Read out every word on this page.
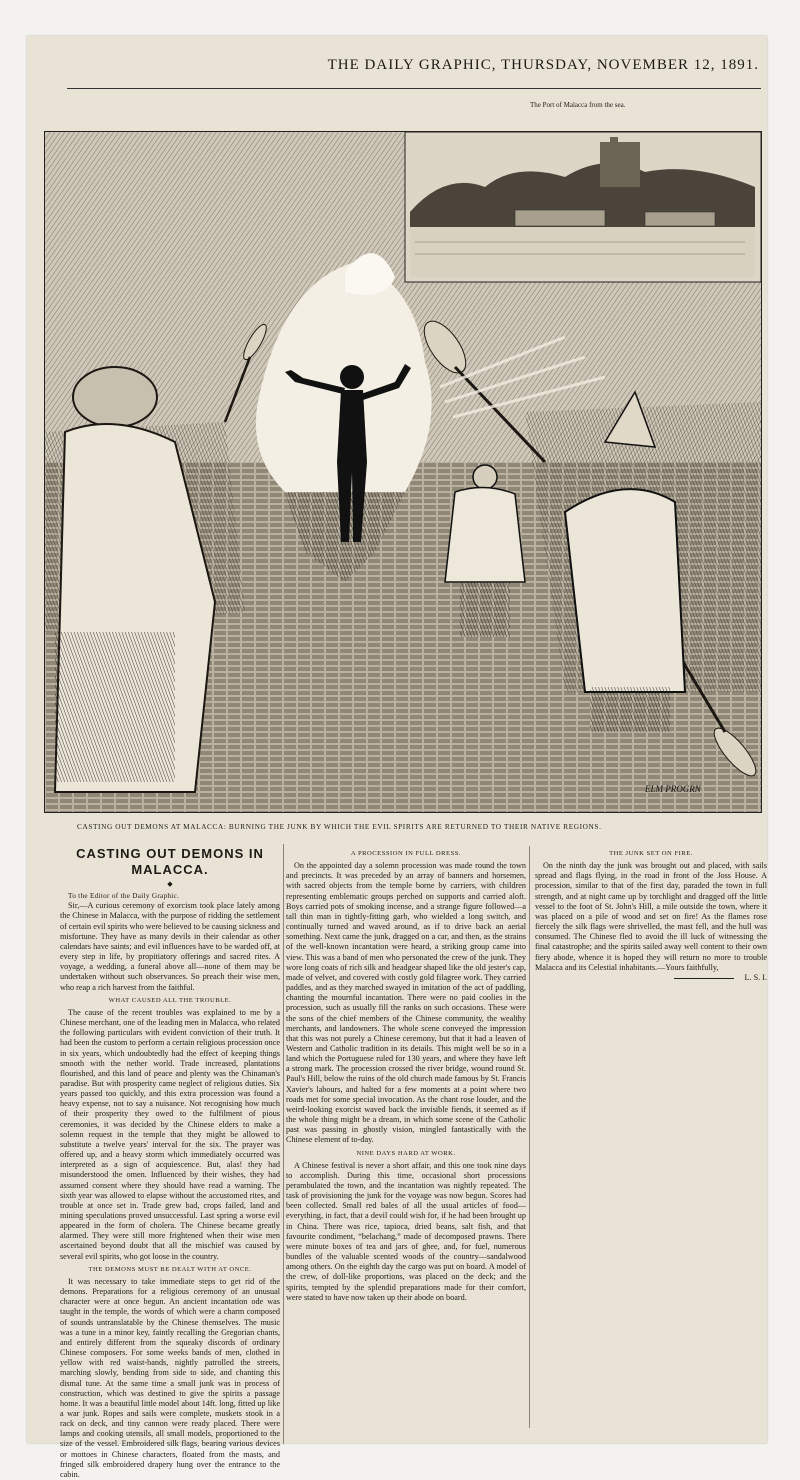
THE DAILY GRAPHIC, THURSDAY, NOVEMBER 12, 1891.
The Port of Malacca from the sea.
ELM PROGRN
CASTING OUT DEMONS AT MALACCA: BURNING THE JUNK BY WHICH THE EVIL SPIRITS ARE RETURNED TO THEIR NATIVE REGIONS.
CASTING OUT DEMONS IN MALACCA.
◆

To the Editor of the Daily Graphic.

Sir,—A curious ceremony of exorcism took place lately among the Chinese in Malacca, with the purpose of ridding the settlement of certain evil spirits who were believed to be causing sickness and misfortune. They have as many devils in their calendar as other calendars have saints; and evil influences have to be warded off, at every step in life, by propitiatory offerings and sacred rites. A voyage, a wedding, a funeral above all—none of them may be undertaken without such observances. So preach their wise men, who reap a rich harvest from the faithful.

WHAT CAUSED ALL THE TROUBLE.

The cause of the recent troubles was explained to me by a Chinese merchant, one of the leading men in Malacca, who related the following particulars with evident conviction of their truth. It had been the custom to perform a certain religious procession once in six years, which undoubtedly had the effect of keeping things smooth with the nether world. Trade increased, plantations flourished, and this land of peace and plenty was the Chinaman's paradise. But with prosperity came neglect of religious duties. Six years passed too quickly, and this extra procession was found a heavy expense, not to say a nuisance. Not recognising how much of their prosperity they owed to the fulfilment of pious ceremonies, it was decided by the Chinese elders to make a solemn request in the temple that they might be allowed to substitute a twelve years' interval for the six. The prayer was offered up, and a heavy storm which immediately occurred was interpreted as a sign of acquiescence. But, alas! they had misunderstood the omen. Influenced by their wishes, they had assumed consent where they should have read a warning. The sixth year was allowed to elapse without the accustomed rites, and trouble at once set in. Trade grew bad, crops failed, land and mining speculations proved unsuccessful. Last spring a worse evil appeared in the form of cholera. The Chinese became greatly alarmed. They were still more frightened when their wise men ascertained beyond doubt that all the mischief was caused by several evil spirits, who got loose in the country.

THE DEMONS MUST BE DEALT WITH AT ONCE.

It was necessary to take immediate steps to get rid of the demons. Preparations for a religious ceremony of an unusual character were at once begun. An ancient incantation ode was taught in the temple, the words of which were a charm composed of sounds untranslatable by the Chinese themselves. The music was a tune in a minor key, faintly recalling the Gregorian chants, and entirely different from the squeaky discords of ordinary Chinese composers. For some weeks bands of men, clothed in yellow with red waist-bands, nightly patrolled the streets, marching slowly, bending from side to side, and chanting this dismal tune. At the same time a small junk was in process of construction, which was destined to give the spirits a passage home. It was a beautiful little model about 14ft. long, fitted up like a war junk. Ropes and sails were complete, muskets stook in a rack on deck, and tiny cannon were ready placed. There were lamps and cooking utensils, all small models, proportioned to the size of the vessel. Embroidered silk flags, bearing various devices or mottoes in Chinese characters, floated from the masts, and fringed silk embroidered drapery hung over the entrance to the cabin.

A PROCESSION IN FULL DRESS.

On the appointed day a solemn procession was made round the town and precincts. It was preceded by an array of banners and horsemen, with sacred objects from the temple borne by carriers, with children representing emblematic groups perched on supports and carried aloft. Boys carried pots of smoking incense, and a strange figure followed—a tall thin man in tightly-fitting garb, who wielded a long switch, and continually turned and waved around, as if to drive back an aerial something. Next came the junk, dragged on a car, and then, as the strains of the well-known incantation were heard, a striking group came into view. This was a band of men who personated the crew of the junk. They wore long coats of rich silk and headgear shaped like the old jester's cap, made of velvet, and covered with costly gold filagree work. They carried paddles, and as they marched swayed in imitation of the act of paddling, chanting the mournful incantation. There were no paid coolies in the procession, such as usually fill the ranks on such occasions. These were the sons of the chief members of the Chinese community, the wealthy merchants, and landowners. The whole scene conveyed the impression that this was not purely a Chinese ceremony, but that it had a leaven of Western and Catholic tradition in its details. This might well be so in a land which the Portuguese ruled for 130 years, and where they have left a strong mark. The procession crossed the river bridge, wound round St. Paul's Hill, below the ruins of the old church made famous by St. Francis Xavier's labours, and halted for a few moments at a point where two roads met for some special invocation. As the chant rose louder, and the weird-looking exorcist waved back the invisible fiends, it seemed as if the whole thing might be a dream, in which some scene of the Catholic past was passing in ghostly vision, mingled fantastically with the Chinese element of to-day.

NINE DAYS HARD AT WORK.

A Chinese festival is never a short affair, and this one took nine days to accomplish. During this time, occasional short processions perambulated the town, and the incantation was nightly repeated. The task of provisioning the junk for the voyage was now begun. Scores had been collected. Small red bales of all the usual articles of food—everything, in fact, that a devil could wish for, if he had been brought up in China. There was rice, tapioca, dried beans, salt fish, and that favourite condiment, “belachang,” made of decomposed prawns. There were minute boxes of tea and jars of ghee, and, for fuel, numerous bundles of the valuable scented woods of the country—sandalwood among others. On the eighth day the cargo was put on board. A model of the crew, of doll-like proportions, was placed on the deck; and the spirits, tempted by the splendid preparations made for their comfort, were stated to have now taken up their abode on board.

THE JUNK SET ON FIRE.

On the ninth day the junk was brought out and placed, with sails spread and flags flying, in the road in front of the Joss House. A procession, similar to that of the first day, paraded the town in full strength, and at night came up by torchlight and dragged off the little vessel to the foot of St. John's Hill, a mile outside the town, where it was placed on a pile of wood and set on fire! As the flames rose fiercely the silk flags were shrivelled, the mast fell, and the hull was consumed. The Chinese fled to avoid the ill luck of witnessing the final catastrophe; and the spirits sailed away well content to their own fiery abode, whence it is hoped they will return no more to trouble Malacca and its Celestial inhabitants.—Yours faithfully,

L. S. I.
